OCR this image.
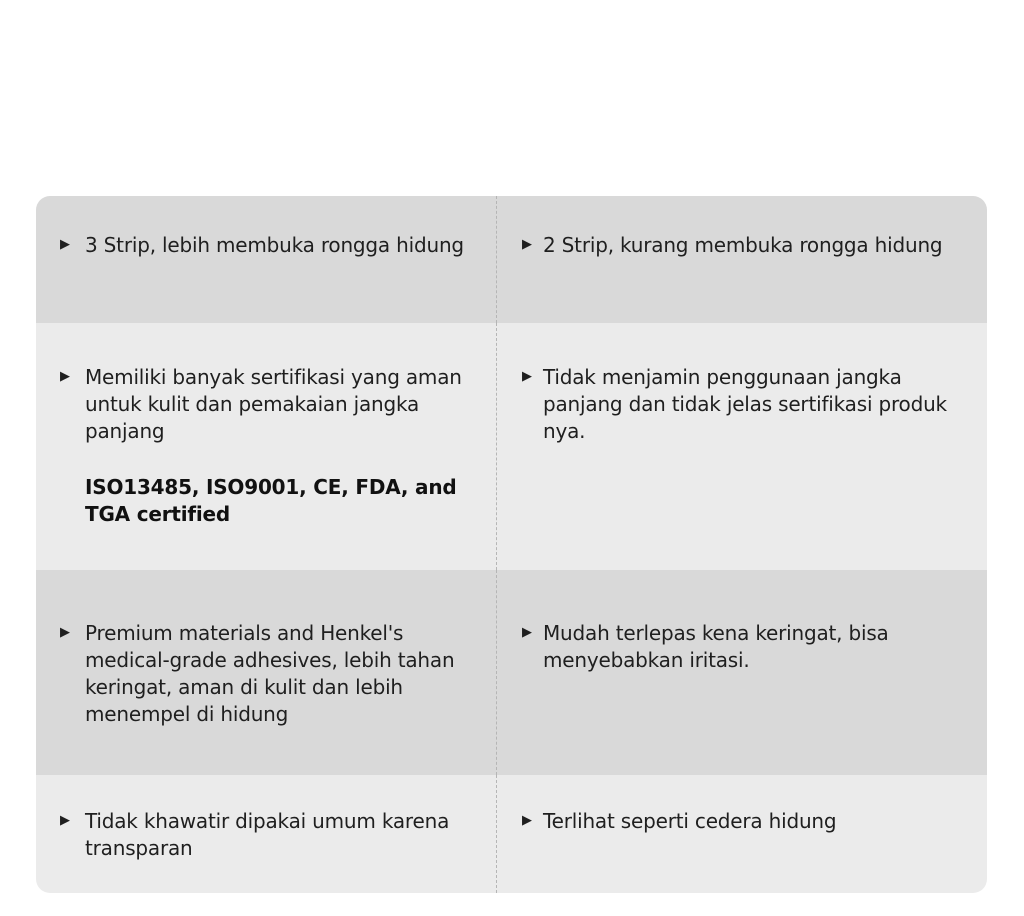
▶ 3 Strip, lebih membuka rongga hidung	▶ 2 Strip, kurang membuka rongga hidung
▶ Memiliki banyak sertifikasi yang aman untuk kulit dan pemakaian jangka panjang
ISO13485, ISO9001, CE, FDA, and TGA certified
▶ Tidak menjamin penggunaan jangka panjang dan tidak jelas sertifikasi produk nya.
▶ Premium materials and Henkel's medical-grade adhesives, lebih tahan keringat, aman di kulit dan lebih menempel di hidung
▶ Mudah terlepas kena keringat, bisa menyebabkan iritasi.
▶ Tidak khawatir dipakai umum karena transparan
▶ Terlihat seperti cedera hidung
